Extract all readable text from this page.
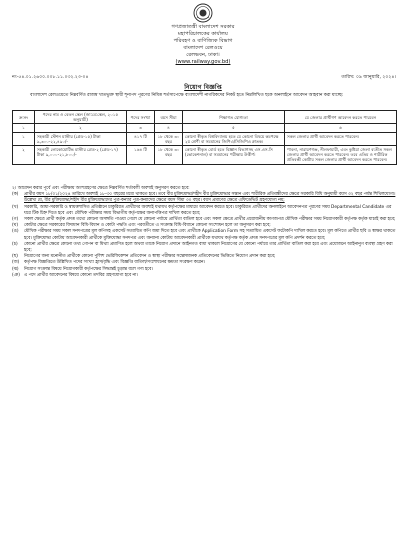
গণপ্রজাতন্ত্রী বাংলাদেশ সরকার
মহাপরিচালকের কার্যালয়
পরিবহণ ও বাণিজ্যিক বিভাগ
বাংলাদেশ রেলওয়ে
রেলভবন, ঢাকা।
(www.railway.gov.bd)
নং-৫৪.০১.২৬০০.০০৮.১১.০৩২.২৩-০৪	তারিখ: ০৯ জানুয়ারি, ২০২৪।
নিয়োগ বিজ্ঞপ্তি
বাংলাদেশ রেলওয়েতে নিম্নবর্ণিত রাজস্ব খাতভুক্ত স্থায়ী শূন্যপদ পূরণের নিমিত্ত শর্তসাপেক্ষে বাংলাদেশী নাগরিকদের নিকট হতে নিম্নলিখিত ছকে অনলাইনে আবেদন আহবান করা যাচ্ছে:
ক্র:নং	পদের নাম ও বেতন স্কেল (জা:বে:স্কেল, ২০১৫ অনুযায়ী)	পদের সংখ্যা	বয়স সীমা	শিক্ষাগত যোগ্যতা	যে জেলার প্রার্থীগণ আবেদন করতে পারবেন
১	২	৩	৪	৫	৬
১	সহকারী স্টেশন মাস্টার (গ্রেড-১৫) টাকা ৯,৩০০-২২,৪৯০/-	৪১৭ টি	১৮ থেকে ৩০ বছর	কোনো স্বীকৃত বিশ্ববিদ্যালয় হতে যে কোনো বিষয়ে কমপক্ষে ২য় শ্রেণী বা সমমানের জিপিএ/সিজিপিএ স্নাতক।	সকল জেলার প্রার্থী আবেদন করতে পারবেন।
২	সহকারী লোকোমোটিভ মাস্টার গ্রেড-২ (গ্রেড-১৭) টাকা ৯,০০০-২১,৮০০/-	১৬৪ টি	১৮ থেকে ৩০ বছর	কোনো স্বীকৃত বোর্ড হতে বিজ্ঞান বিভাগসহ এস.এস.সি (ভোকেশনাল) বা সমমানের পরীক্ষায় উত্তীর্ণ।	পাবনা, নারায়ণগঞ্জ, নীলফামারী, এবং কুষ্টিয়া জেলা ব্যতীত সকল জেলার প্রার্থী আবেদন করতে পারবেন। তবে এতিম ও শারীরিক প্রতিবন্ধী কোটায় সকল জেলার প্রার্থী আবেদন করতে পারবেন।
২। আবেদন করার পূর্বে এবং পরীক্ষায় অংশগ্রহণের ক্ষেত্রে নিম্নবর্ণিত শর্তাবলী অবশ্যই অনুসরণ করতে হবে:
(ক)	প্রার্থীর বয়স ১৮/০১/২০২৪ তারিখে অবশ্যই ১৮-৩০ বছরের মধ্যে থাকতে হবে। তবে বীর মুক্তিযোদ্ধা/শহীদ বীর মুক্তিযোদ্ধার সন্তান এবং শারীরিক প্রতিবন্ধীদের ক্ষেত্রে সরকারি বিধি অনুযায়ী বয়স ৩২ বছর পর্যন্ত শিথিলযোগ্য। উল্লেখ্য যে, বীর মুক্তিযোদ্ধা/শহীদ বীর মুক্তিযোদ্ধাদের পুত্র-কন্যার পুত্র-কন্যাদের ক্ষেত্রে বয়স সীমা ৩০ বছর। বয়স প্রমাণের ক্ষেত্রে এফিডেভিট গ্রহণযোগ্য নয়;
(খ)	সরকারি, আধা-সরকারি ও স্বায়ত্তশাসিত প্রতিষ্ঠানে চাকুরিরত প্রার্থীদের অবশ্যই যথাযথ কর্তৃপক্ষের মাধ্যমে আবেদন করতে হবে। চাকুরিরত প্রার্থীদের অনলাইনে আবেদনপত্র পূরণের সময় Departmental Candidate এর ঘরে টিক চিহ্ন দিতে হবে এবং মৌখিক পরীক্ষার সময় বিভাগীয় কর্তৃপক্ষের অনাপত্তিপত্র দাখিল করতে হবে;
(গ)	সকল ক্ষেত্রে প্রার্থী কর্তৃক প্রদত্ত তথ্যে কোনো অসঙ্গতি পাওয়া গেলে যে কোনো পর্যায়ে প্রার্থিতা বাতিল হবে এবং সকল ক্ষেত্রে প্রার্থীর প্রয়োজনীয় কাগজপত্র মৌখিক পরীক্ষার সময় নিয়োগকারী কর্তৃপক্ষ কর্তৃক যাচাই করা হবে;
(ঘ)	কোটার ক্ষেত্রে সরকারের বিদ্যমান বিধি-বিধান ও কোটা পদ্ধতি এবং পরবর্তীতে এ সংক্রান্ত বিধি-বিধানে কোনো সংশোধন হলে তা অনুসরণ করা হবে;
(ঙ)	মৌখিক পরীক্ষার সময় সকল সনদপত্রের মূল কপিসহ একসেট সত্যায়িত কপি জমা দিতে হবে এবং প্রার্থীকে Application Form সহ সত্যায়িত একসেট ফটোকপি দাখিল করতে হবে। মূল কপিতে প্রার্থীর ছবি ও স্বাক্ষর থাকতে হবে। মুক্তিযোদ্ধা কোটায় আবেদনকারী প্রার্থীকে মুক্তিযোদ্ধা সনদপত্র এবং অন্যান্য কোটায় আবেদনকারী প্রার্থীকে যথাযথ কর্তৃপক্ষ কর্তৃক প্রদত্ত সনদপত্রের মূল কপি প্রদর্শন করতে হবে;
(চ)	কোনো প্রার্থীর ক্ষেত্রে কোনো তথ্য গোপন বা মিথ্যা প্রমাণিত হলে অথবা তাকে নিয়োগ প্রদানে আইনগত বাধা থাকলে নিয়োগের যে কোনো পর্যায়ে তার প্রার্থিতা বাতিল করা হবে এবং প্রয়োজনে আইনানুগ ব্যবস্থা গ্রহণ করা হবে;
(ছ)	নিয়োগের জন্য মনোনীত প্রার্থীকে কোনো পুলিশ ভেরিফিকেশন প্রতিবেদন ও স্বাস্থ্য পরীক্ষার সন্তোষজনক প্রতিবেদনের ভিত্তিতে নিয়োগ প্রদান করা হবে;
(জ)	কর্তৃপক্ষ বিজ্ঞপ্তিতে উল্লিখিত পদের সংখ্যা হ্রাস/বৃদ্ধি এবং বিজ্ঞপ্তি বাতিল/সংশোধনের ক্ষমতা সংরক্ষণ করেন।
(ঝ)	নিয়োগ সংক্রান্ত বিষয়ে নিয়োগকারী কর্তৃপক্ষের সিদ্ধান্তই চূড়ান্ত বলে গণ্য হবে।
(ঞ) এ পদে প্রার্থীর আবেদনের বিষয়ে কোনো তদবির গ্রহণযোগ্য হবে না।
